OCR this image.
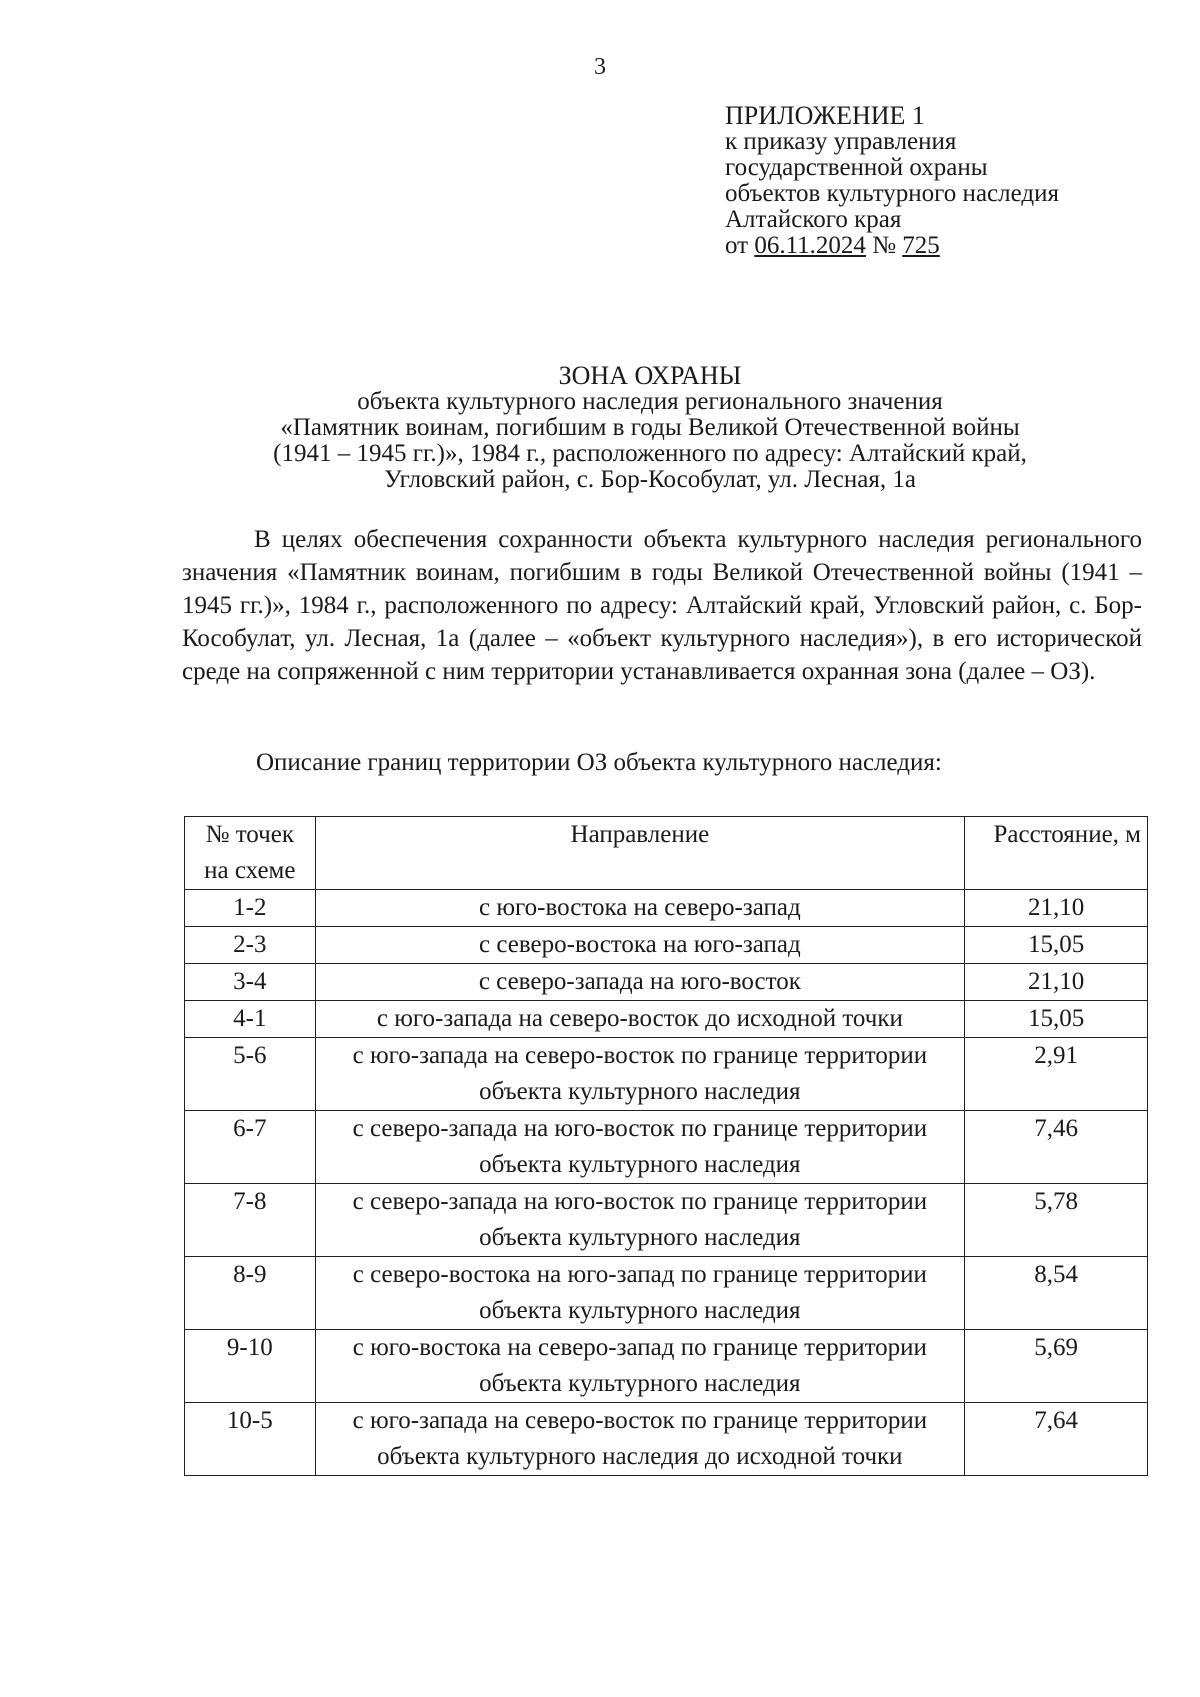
3
ПРИЛОЖЕНИЕ 1
к приказу управления
государственной охраны
объектов культурного наследия
Алтайского края
от 06.11.2024 № 725
ЗОНА ОХРАНЫ
объекта культурного наследия регионального значения
«Памятник воинам, погибшим в годы Великой Отечественной войны
(1941 – 1945 гг.)», 1984 г., расположенного по адресу: Алтайский край,
Угловский район, с. Бор-Кособулат, ул. Лесная, 1а

В целях обеспечения сохранности объекта культурного наследия регионального значения «Памятник воинам, погибшим в годы Великой Отечественной войны (1941 – 1945 гг.)», 1984 г., расположенного по адресу: Алтайский край, Угловский район, с. Бор-Кособулат, ул. Лесная, 1а (далее – «объект культурного наследия»), в его исторической среде на сопряженной с ним территории устанавливается охранная зона (далее – ОЗ).

Описание границ территории ОЗ объекта культурного наследия:
№ точек на схеме	Направление	Расстояние, м
1-2	с юго-востока на северо-запад	21,10
2-3	с северо-востока на юго-запад	15,05
3-4	с северо-запада на юго-восток	21,10
4-1	с юго-запада на северо-восток до исходной точки	15,05
5-6	с юго-запада на северо-восток по границе территории объекта культурного наследия	2,91
6-7	с северо-запада на юго-восток по границе территории объекта культурного наследия	7,46
7-8	с северо-запада на юго-восток по границе территории объекта культурного наследия	5,78
8-9	с северо-востока на юго-запад по границе территории объекта культурного наследия	8,54
9-10	с юго-востока на северо-запад по границе территории объекта культурного наследия	5,69
10-5	с юго-запада на северо-восток по границе территории объекта культурного наследия до исходной точки	7,64
